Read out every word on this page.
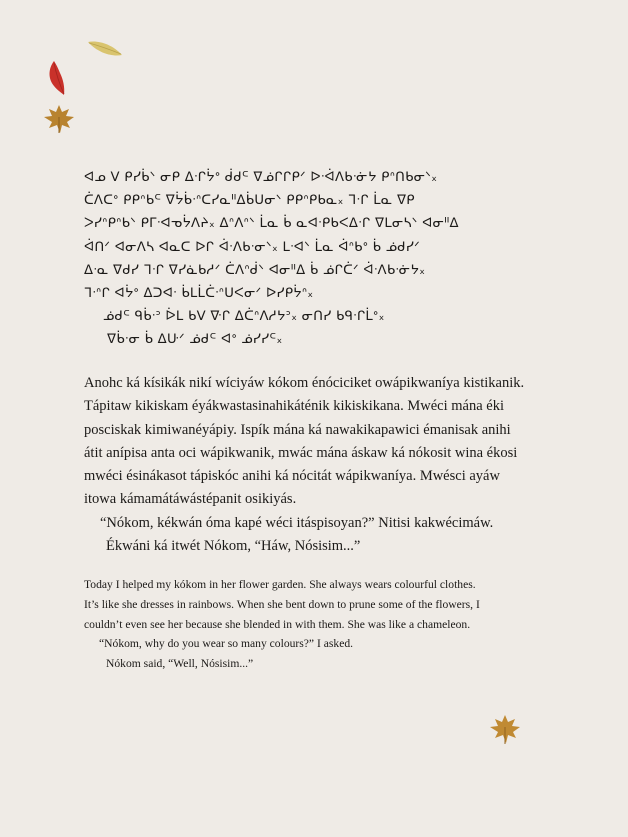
ᐊᓄ ᐯ ᑭᓯᑳᐠ ᓂᑭ ᐃᐧᒋᔮᐤ ᑰᑯᒼ ᐁᓅᒋᒋᑭᐟ ᐅᐧᐋᐱᑲᐧᓃᔭ ᑭᐢᑎᑲᓂᐠ᙮

ᑖᐱᑕᐤ ᑭᑭᐢᑲᒼ ᐁᔮᑳᐧᐢᑕᓯᓇᐦᐃᑳᑌᓂᐠ ᑭᑭᐢᑭᑲᓇ᙮ ᒣᐧᒋ ᒫᓇ ᐁᑭ

ᐳᓯᐢᑭᐢᑲᐠ ᑭᒥᐧᐊᓀᔮᐱᔨ᙮ ᐃᐢᐱᐢᐠ ᒫᓇ ᑳ ᓇᐊᐧᑭᑲᐸᐃᐧᒋ ᐁᒪᓂᓴᐠ ᐊᓂᐦᐃ

ᐋᑎᐟ ᐊᓂᐱᓴ ᐊᓇᑕ ᐅᒋ ᐋᐧᐱᑲᐧᓂᐠ᙮ ᒪᐧᐊᐠ ᒫᓇ ᐋᐢᑲᐤ ᑳ ᓅᑯᓯᐟ

ᐃᐧᓇ ᐁᑯᓯ ᒣᐧᒋ ᐁᓯᓈᑲᓱᐟ ᑖᐱᐢᑰᐠ ᐊᓂᐦᐃ ᑳ ᓅᒋᑖᐟ ᐋᐧᐱᑲᐧᓃᔭ᙮

ᒣᐧᐢᒋ ᐊᔮᐤ ᐃᑐᐊᐧ ᑳᒪᒫᑖᐧᐢᑌᐸᓂᐟ ᐅᓯᑭᔮᐢ᙮

ᓅᑯᒼ ᑫᑳᐧᐣ ᐆᒪ ᑲᐯ ᐍᒋ ᐃᑖᐢᐱᓱᔭᐣ᙮ ᓂᑎᓯ ᑲᑫᐧᒋᒫᐤ᙮

ᐁᑳᐧᓂ ᑳ ᐃᑘᐟ ᓅᑯᒼ ᐊᐤ ᓅᓯᓯᒼ᙮

Anohc ká kísikák nikí wíciyáw kókom énóciciket owápikwaníya kistikanik.

Tápitaw kikiskam éyákwastasinahikáténik kikiskikana. Mwéci mána éki

posciskak kimiwanéyápiy. Ispík mána ká nawakikapawici émanisak anihi

átit anípisa anta oci wápikwanik, mwác mána áskaw ká nókosit wina ékosi

mwéci ésinákasot tápiskóc anihi ká nócitát wápikwaníya. Mwésci ayáw

itowa kámamátáwástépanit osikiyás.

“Nókom, kékwán óma kapé wéci itáspisoyan?” Nitisi kakwécimáw.

Ékwáni ká itwét Nókom, “Háw, Nósisim...”

Today I helped my kókom in her flower garden. She always wears colourful clothes.

It’s like she dresses in rainbows. When she bent down to prune some of the flowers, I

couldn’t even see her because she blended in with them. She was like a chameleon.

“Nókom, why do you wear so many colours?” I asked.

Nókom said, “Well, Nósisim...”
